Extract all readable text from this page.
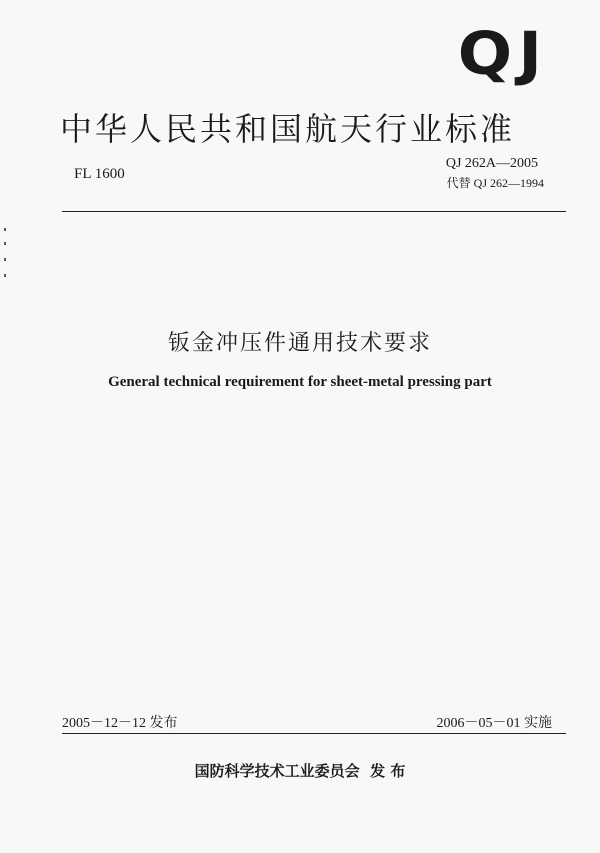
QJ
中华人民共和国航天行业标准
FL 1600
QJ 262A—2005
代替 QJ 262—1994
钣金冲压件通用技术要求
General technical requirement for sheet-metal pressing part
2005－12－12 发布	2006－05－01 实施
国防科学技术工业委员会  发 布
